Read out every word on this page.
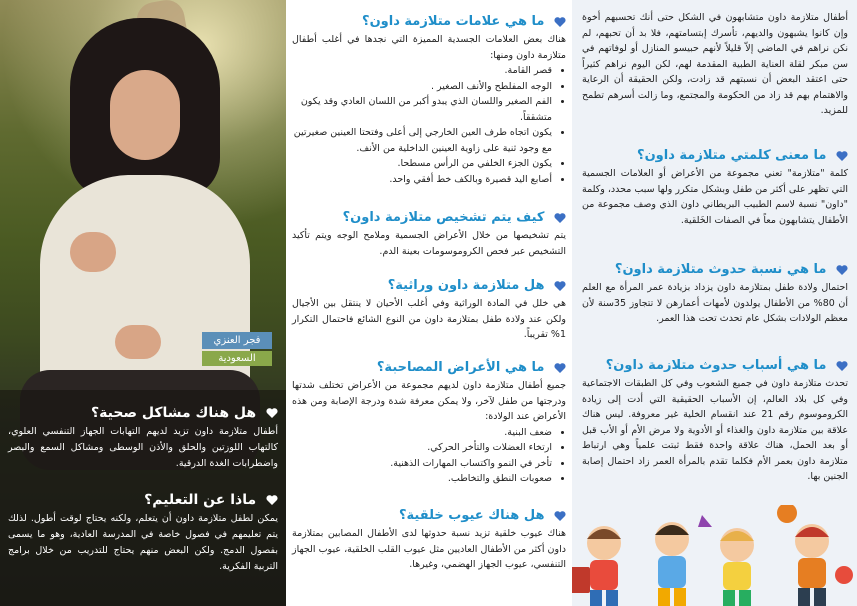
فجر العنزي
السعودية
هل هناك مشاكل صحية؟

أطفال متلازمة داون تزيد لديهم التهابات الجهاز التنفسي العلوي، كالتهاب اللوزتين والحلق والأذن الوسطى ومشاكل السمع والبصر واضطرابات الغدة الدرقية.

ماذا عن التعليم؟

يمكن لطفل متلازمة داون أن يتعلم، ولكنه يحتاج لوقت أطول. لذلك يتم تعليمهم في فصول خاصة في المدرسة العادية، وهو ما يسمى بفصول الدمج. ولكن البعض منهم يحتاج للتدريب من خلال برامج التربية الفكرية.

ما هي علامات متلازمة داون؟

هناك بعض العلامات الجسدية المميزة التي نجدها في أغلب أطفال متلازمة داون ومنها:

• قصر القامة.
• الوجه المفلطح والأنف الصغير .
• الفم الصغير واللسان الذي يبدو أكبر من اللسان العادي وقد يكون متشققاً.
• يكون اتجاه طرف العين الخارجي إلى أعلى وفتحتا العينين صغيرتين مع وجود ثنية على زاوية العينين الداخلية من الأنف.
• يكون الجزء الخلفي من الرأس مسطحا.
• أصابع اليد قصيرة وبالكف خط أفقي واحد.
كيف يتم تشخيص متلازمة داون؟

يتم تشخيصها من خلال الأعراض الجسمية وملامح الوجه ويتم تأكيد التشخيص عبر فحص الكروموسومات بعينة الدم.

هل متلازمة داون وراثية؟

هي خلل في المادة الوراثية وفي أغلب الأحيان لا ينتقل بين الأجيال ولكن عند ولادة طفل بمتلازمة داون من النوع الشائع فاحتمال التكرار 1% تقريباً.

ما هي الأعراض المصاحبة؟

جميع أطفال متلازمة داون لديهم مجموعة من الأعراض تختلف شدتها ودرجتها من طفل لآخر، ولا يمكن معرفة شدة ودرجة الإصابة ومن هذه الأعراض عند الولادة:

• ضعف البنية.
• ارتخاء العضلات والتأخر الحركي.
• تأخر في النمو واكتساب المهارات الذهنية.
• صعوبات النطق والتخاطب.
هل هناك عيوب خلقية؟

هناك عيوب خلقية تزيد نسبة حدوثها لدى الأطفال المصابين بمتلازمة داون أكثر من الأطفال العاديين مثل عيوب القلب الخلقية، عيوب الجهاز التنفسي، عيوب الجهاز الهضمي، وغيرها.

أطفال متلازمة داون متشابهون في الشكل حتى أنك تحسبهم أخوة وإن كانوا يشبهون والديهم، تأسرك إبتسامتهم، فلا بد أن تحبهم، لم نكن نراهم في الماضي إلاّ قليلاً لأنهم حبيسو المنازل أو لوفاتهم في سن مبكر لقلة العناية الطبية المقدمة لهم، لكن اليوم نراهم كثيراً حتى اعتقد البعض أن نسبتهم قد زادت، ولكن الحقيقة أن الرعاية والاهتمام بهم قد زاد من الحكومة والمجتمع، وما زالت أسرهم تطمح للمزيد.

ما معنى كلمتي متلازمة داون؟

كلمة "متلازمة" تعني مجموعة من الأعراض أو العلامات الجسمية التي تظهر على أكثر من طفل وبشكل متكرر ولها سبب محدد، وكلمة "داون" نسبة لاسم الطبيب البريطاني داون الذي وصف مجموعة من الأطفال يتشابهون معاً في الصفات الخَلقية.

ما هي نسبة حدوث متلازمة داون؟

احتمال ولادة طفل بمتلازمة داون يزداد بزيادة عمر المرأة مع العلم أن 80% من الأطفال يولدون لأمهات أعمارهن لا تتجاوز 35سنة لأن معظم الولادات بشكل عام تحدث تحت هذا العمر.

ما هي أسباب حدوث متلازمة داون؟

تحدث متلازمة داون في جميع الشعوب وفي كل الطبقات الاجتماعية وفي كل بلاد العالم، إن الأسباب الحقيقية التي أدت إلى زيادة الكروموسوم رقم 21 عند انقسام الخلية غير معروفة. ليس هناك علاقة بين متلازمة داون والغذاء أو الأدوية ولا مرض الأم أو الأب قبل أو بعد الحمل، هناك علاقة واحدة فقط ثبتت علمياً وهي ارتباط متلازمة داون بعمر الأم فكلما تقدم بالمرأة العمر زاد احتمال إصابة الجنين بها.
